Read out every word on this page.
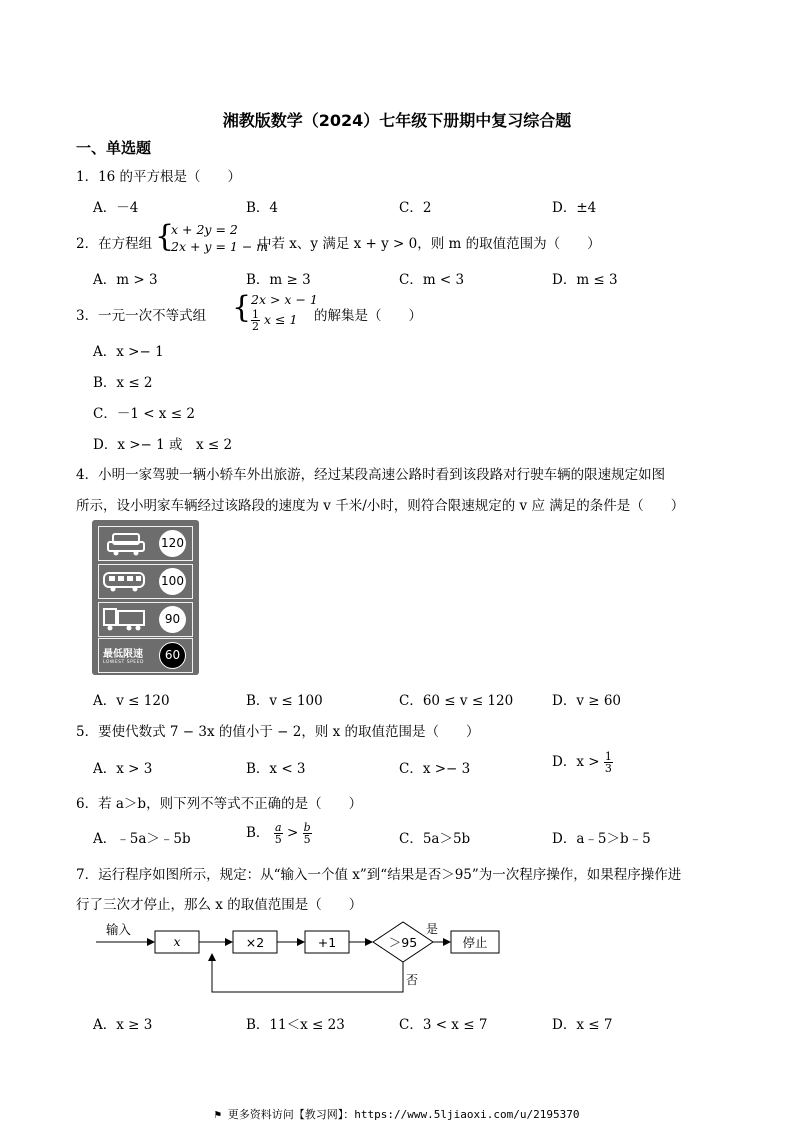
湘教版数学（2024）七年级下册期中复习综合题
一、单选题
1．16 的平方根是（　　）
A．－4	B．4	C．2	D．±4
2．在方程组 {
x + 2y = 2
2x + y = 1 − m
中若 x、y 满足 x + y > 0，则 m 的取值范围为（　　）
A．m > 3	B．m ≥ 3	C．m < 3	D．m ≤ 3
3．一元一次不等式组 { 2x > x − 1
$\frac{1}{2}$ x ≤ 1 的解集是（　　）
A．x >− 1
B．x ≤ 2
C．－1 < x ≤ 2
D．x >− 1 或　x ≤ 2
4．小明一家驾驶一辆小轿车外出旅游，经过某段高速公路时看到该段路对行驶车辆的限速规定如图
所示，设小明家车辆经过该路段的速度为 v 千米/小时，则符合限速规定的 v 应 满足的条件是（　　）
120
100
90
最低限速
LOWEST SPEED
60
A．v ≤ 120	B．v ≤ 100	C．60 ≤ v ≤ 120	D．v ≥ 60
5．要使代数式 7 − 3x 的值小于 − 2，则 x 的取值范围是（　　）
A．x > 3	B．x < 3	C．x >− 3	D．$x > \frac{1}{3}$
6．若 a＞b，则下列不等式不正确的是（　　）
A．﹣5a＞﹣5b	B． $\frac{a}{5} > \frac{b}{5}$	C．5a＞5b	D．a﹣5＞b﹣5
7．运行程序如图所示，规定：从“输入一个值 x”到“结果是否＞95”为一次程序操作，如果程序操作进
行了三次才停止，那么 x 的取值范围是（　　）
输入
x	×2	+1	＞95
是
停止
否
A．x ≥ 3	B．11＜x ≤ 23	C．3 < x ≤ 7	D．x ≤ 7
⚑ 更多资料访问【教习网】：https://www.5ljiaoxi.com/u/2195370
